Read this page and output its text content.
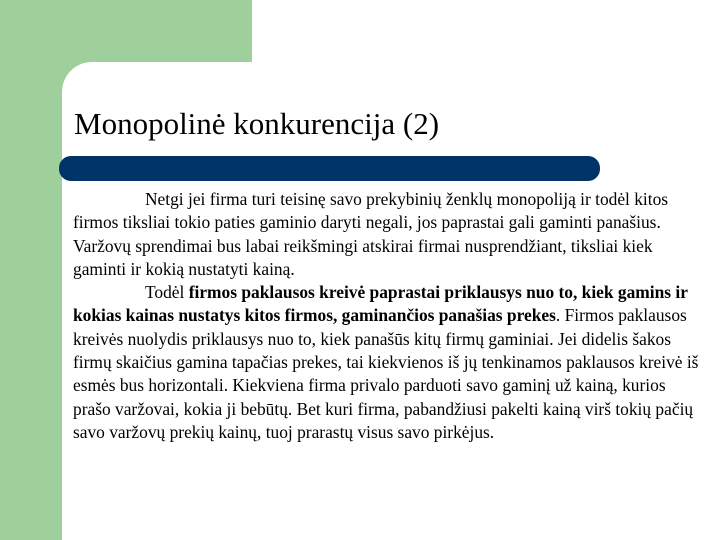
Monopolinė konkurencija (2)

Netgi jei firma turi teisinę savo prekybinių ženklų monopoliją ir todėl kitos firmos tiksliai tokio paties gaminio daryti negali, jos paprastai gali gaminti panašius. Varžovų sprendimai bus labai reikšmingi atskirai firmai nusprendžiant, tiksliai kiek gaminti ir kokią nustatyti kainą.

Todėl firmos paklausos kreivė paprastai priklausys nuo to, kiek gamins ir kokias kainas nustatys kitos firmos, gaminančios panašias prekes. Firmos paklausos kreivės nuolydis priklausys nuo to, kiek panašūs kitų firmų gaminiai. Jei didelis šakos firmų skaičius gamina tapačias prekes, tai kiekvienos iš jų tenkinamos paklausos kreivė iš esmės bus horizontali. Kiekviena firma privalo parduoti savo gaminį už kainą, kurios prašo varžovai, kokia ji bebūtų. Bet kuri firma, pabandžiusi pakelti kainą virš tokių pačių savo varžovų prekių kainų, tuoj prarastų visus savo pirkėjus.
